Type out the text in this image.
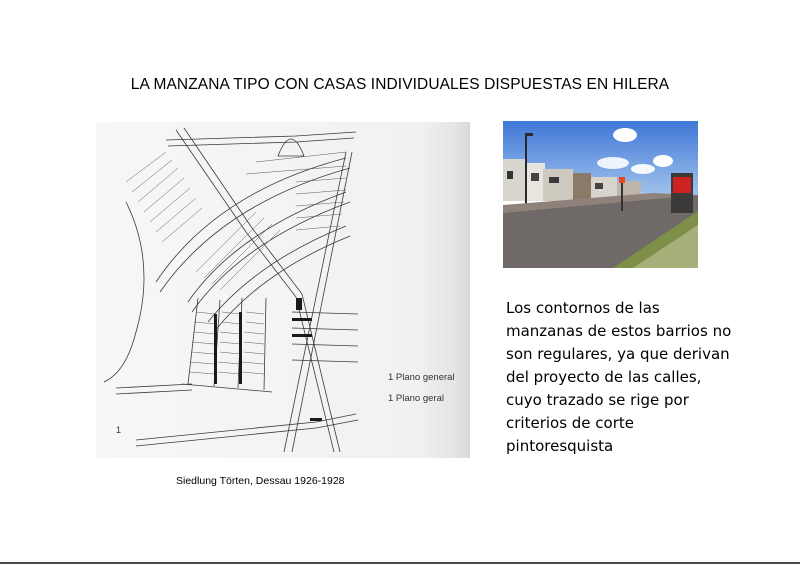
LA MANZANA TIPO CON CASAS INDIVIDUALES DISPUESTAS EN HILERA
1 Plano general
1 Plano geral
1
Siedlung Törten, Dessau 1926-1928
Los contornos de las
manzanas de estos barrios no
son regulares, ya que derivan
del proyecto de las calles,
cuyo trazado se rige por
criterios de corte
pintoresquista
